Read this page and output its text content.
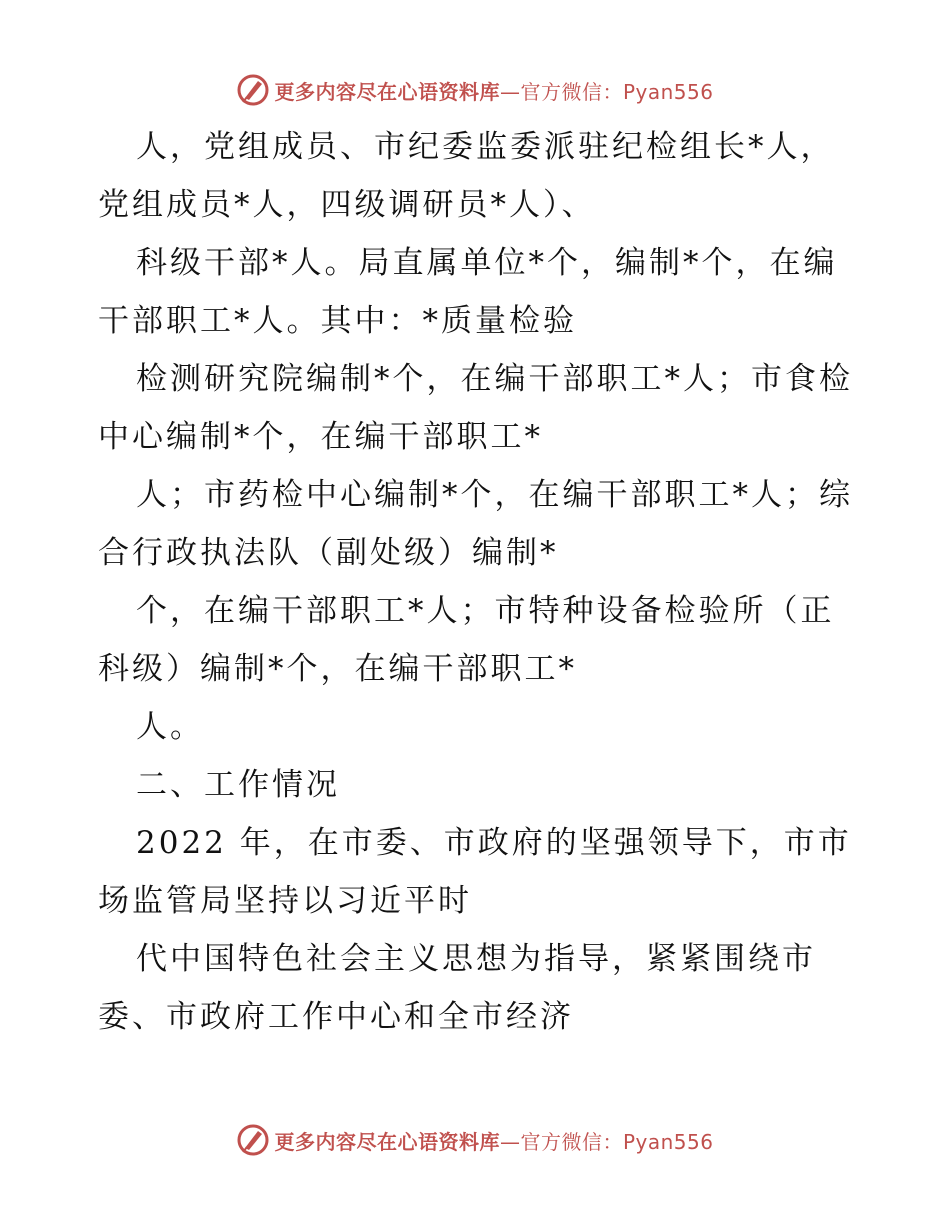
更多内容尽在心语资料库—官方微信：Pyan556
人，党组成员、市纪委监委派驻纪检组长*人，
党组成员*人，四级调研员*人）、
科级干部*人。局直属单位*个，编制*个，在编
干部职工*人。其中：*质量检验
检测研究院编制*个，在编干部职工*人；市食检
中心编制*个，在编干部职工*
人；市药检中心编制*个，在编干部职工*人；综
合行政执法队（副处级）编制*
个，在编干部职工*人；市特种设备检验所（正
科级）编制*个，在编干部职工*
人。
二、工作情况
2022 年，在市委、市政府的坚强领导下，市市
场监管局坚持以习近平时
代中国特色社会主义思想为指导，紧紧围绕市
委、市政府工作中心和全市经济
更多内容尽在心语资料库—官方微信：Pyan556
